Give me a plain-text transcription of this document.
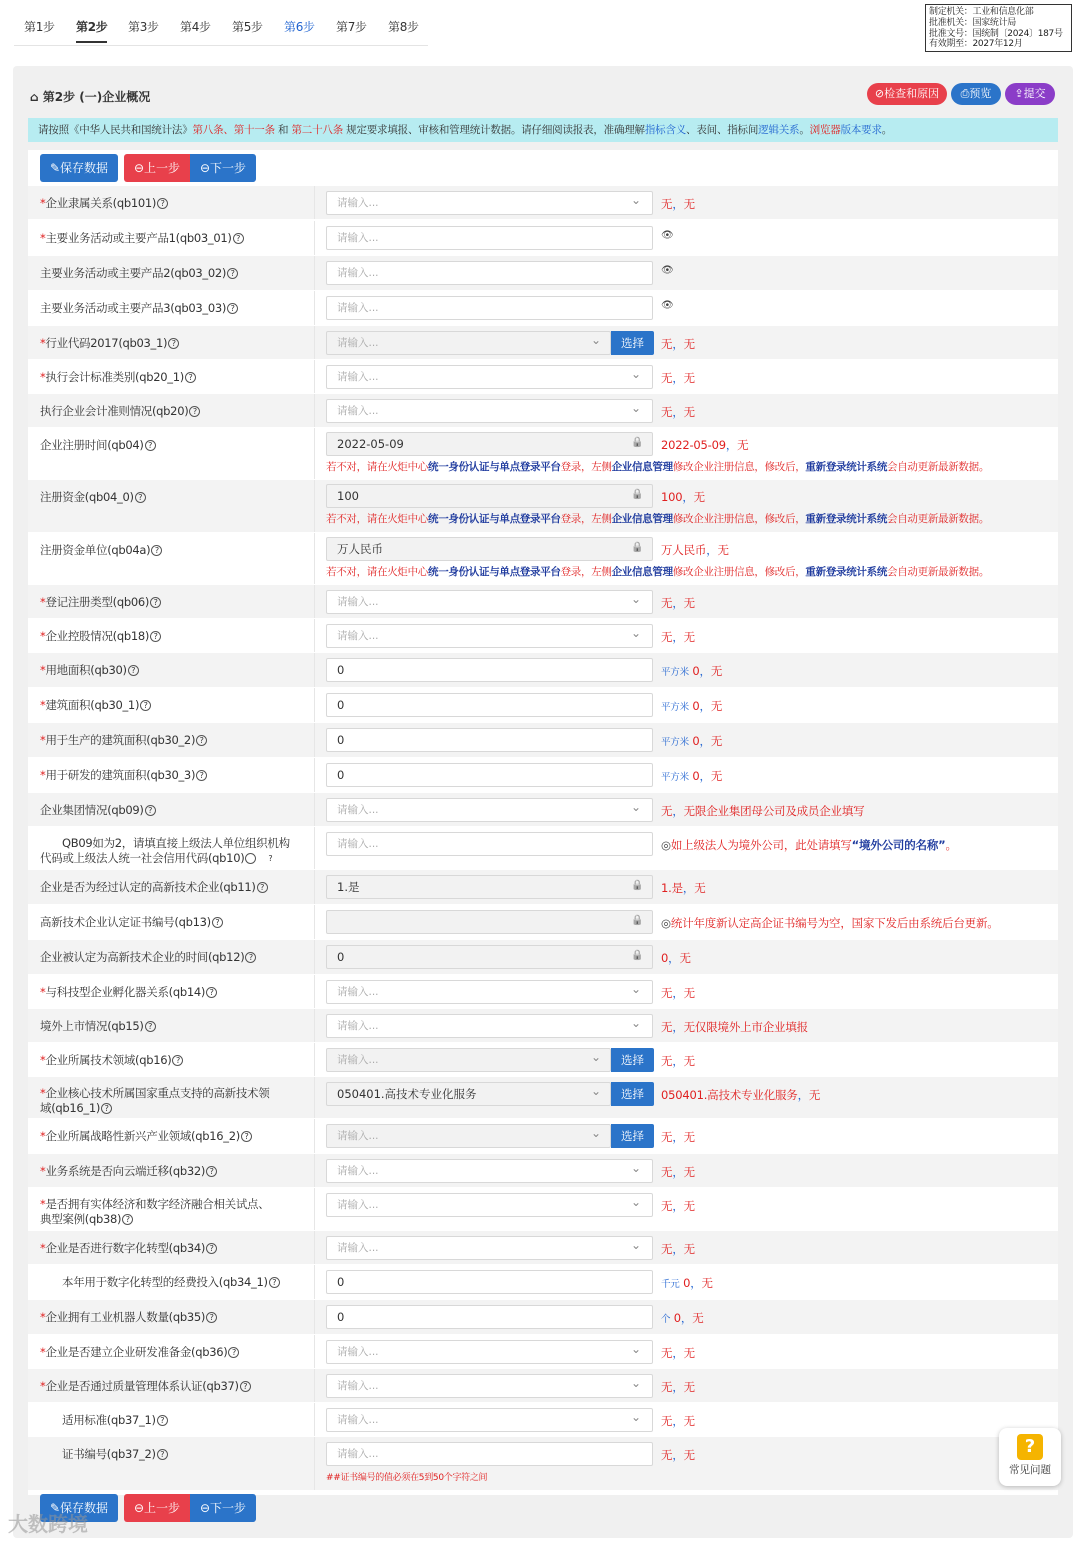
第1步 第2步 第3步 第4步 第5步 第6步 第7步 第8步
制定机关：工业和信息化部
批准机关：国家统计局
批准文号：国统制〔2024〕187号
有效期至：2027年12月
⌂ 第2步 (一)企业概况	⊘检查和原因	⎙预览	⇪提交
请按照《中华人民共和国统计法》第八条、第十一条 和 第二十八条 规定要求填报、审核和管理统计数据。请仔细阅读报表，准确理解指标含义、表间、指标间逻辑关系。浏览器版本要求。
✎保存数据	⊖上一步	⊖下一步
*企业隶属关系(qb101) ?	请输入...	⌄ 无，无
*主要业务活动或主要产品1(qb03_01) ?	请输入...	👁
主要业务活动或主要产品2(qb03_02) ?	请输入...	👁
主要业务活动或主要产品3(qb03_03) ?	请输入...	👁
*行业代码2017(qb03_1) ?	请输入...	⌄	选择	无，无
*执行会计标准类别(qb20_1) ?	请输入...	⌄ 无，无
执行企业会计准则情况(qb20) ?	请输入...	⌄ 无，无
企业注册时间(qb04) ?	2022-05-09	🔒 2022-05-09，无
若不对，请在火炬中心统一身份认证与单点登录平台登录，左侧企业信息管理修改企业注册信息，修改后，重新登录统计系统会自动更新最新数据。
注册资金(qb04_0) ?	100	🔒 100，无
若不对，请在火炬中心统一身份认证与单点登录平台登录，左侧企业信息管理修改企业注册信息，修改后，重新登录统计系统会自动更新最新数据。
注册资金单位(qb04a) ?	万人民币	🔒 万人民币，无
若不对，请在火炬中心统一身份认证与单点登录平台登录，左侧企业信息管理修改企业注册信息，修改后，重新登录统计系统会自动更新最新数据。
*登记注册类型(qb06) ?	请输入...	⌄ 无，无
*企业控股情况(qb18) ?	请输入...	⌄ 无，无
*用地面积(qb30) ?	0	平方米 0，无
*建筑面积(qb30_1) ?	0	平方米 0，无
*用于生产的建筑面积(qb30_2) ?	0	平方米 0，无
*用于研发的建筑面积(qb30_3) ?	0	平方米 0，无
企业集团情况(qb09) ?	请输入...	⌄ 无，无限企业集团母公司及成员企业填写
QB09如为2，请填直接上级法人单位组织机构代码或上级法人统一社会信用代码(qb10)	?
请输入...	◎如上级法人为境外公司，此处请填写“境外公司的名称”。
企业是否为经过认定的高新技术企业(qb11) ?	1.是	🔒 1.是，无
高新技术企业认定证书编号(qb13) ?	🔒 ◎统计年度新认定高企证书编号为空，国家下发后由系统后台更新。
企业被认定为高新技术企业的时间(qb12) ?	0	🔒 0，无
*与科技型企业孵化器关系(qb14) ?	请输入...	⌄ 无，无
境外上市情况(qb15) ?	请输入...	⌄ 无，无仅限境外上市企业填报
*企业所属技术领域(qb16) ?	请输入...	⌄	选择	无，无
*企业核心技术所属国家重点支持的高新技术领域(qb16_1) ?
050401.高技术专业化服务	⌄	选择	050401.高技术专业化服务，无
*企业所属战略性新兴产业领域(qb16_2) ?	请输入...	⌄	选择	无，无
*业务系统是否向云端迁移(qb32) ?	请输入...	⌄ 无，无
*是否拥有实体经济和数字经济融合相关试点、典型案例(qb38) ?
请输入...	⌄ 无，无
*企业是否进行数字化转型(qb34) ?	请输入...	⌄ 无，无
本年用于数字化转型的经费投入(qb34_1) ?	0	千元 0，无
*企业拥有工业机器人数量(qb35) ?	0	个 0，无
*企业是否建立企业研发准备金(qb36) ?	请输入...	⌄ 无，无
*企业是否通过质量管理体系认证(qb37) ?	请输入...	⌄ 无，无
适用标准(qb37_1) ?	请输入...	⌄ 无，无
证书编号(qb37_2) ?	请输入...	无，无
##证书编号的值必须在5到50个字符之间
✎保存数据	⊖上一步	⊖下一步
?
常见问题
大数跨境
